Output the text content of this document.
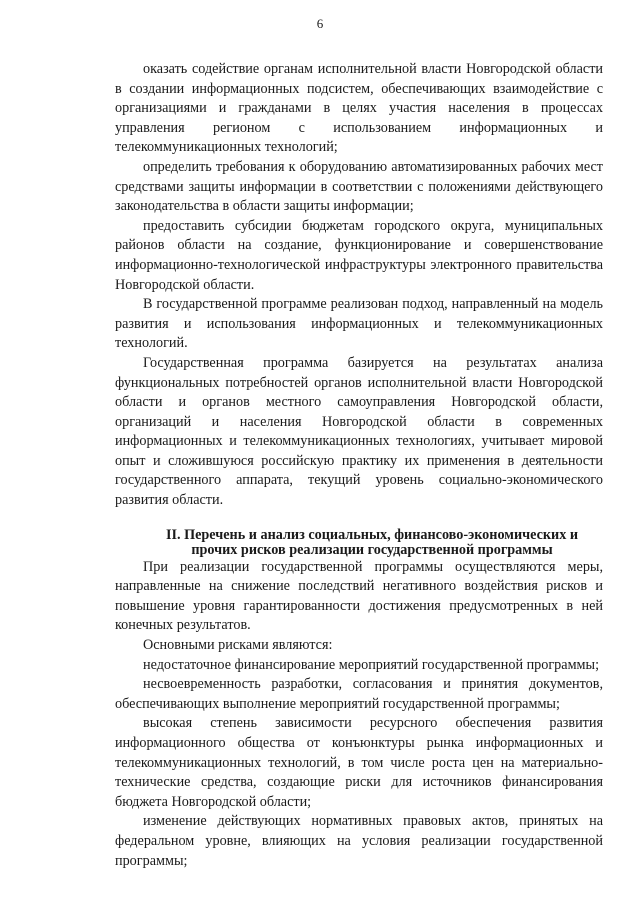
6

оказать содействие органам исполнительной власти Новгородской области в создании информационных подсистем, обеспечивающих взаимодействие с организациями и гражданами в целях участия населения в процессах управления регионом с использованием информационных и телекоммуникационных технологий;

определить требования к оборудованию автоматизированных рабочих мест средствами защиты информации в соответствии с положениями действующего законодательства в области защиты информации;

предоставить субсидии бюджетам городского округа, муниципальных районов области на создание, функционирование и совершенствование информационно-технологической инфраструктуры электронного правительства Новгородской области.

В государственной программе реализован подход, направленный на модель развития и использования информационных и телекоммуникационных технологий.

Государственная программа базируется на результатах анализа функциональных потребностей органов исполнительной власти Новгородской области и органов местного самоуправления Новгородской области, организаций и населения Новгородской области в современных информационных и телекоммуникационных технологиях, учитывает мировой опыт и сложившуюся российскую практику их применения в деятельности государственного аппарата, текущий уровень социально-экономического развития области.

II. Перечень и анализ социальных, финансово-экономических и
прочих рисков реализации государственной программы

При реализации государственной программы осуществляются меры, направленные на снижение последствий негативного воздействия рисков и повышение уровня гарантированности достижения предусмотренных в ней конечных результатов.

Основными рисками являются:

недостаточное финансирование мероприятий государственной программы;

несвоевременность разработки, согласования и принятия документов, обеспечивающих выполнение мероприятий государственной программы;

высокая степень зависимости ресурсного обеспечения развития информационного общества от конъюнктуры рынка информационных и телекоммуникационных технологий, в том числе роста цен на материально-технические средства, создающие риски для источников финансирования бюджета Новгородской области;

изменение действующих нормативных правовых актов, принятых на федеральном уровне, влияющих на условия реализации государственной программы;
